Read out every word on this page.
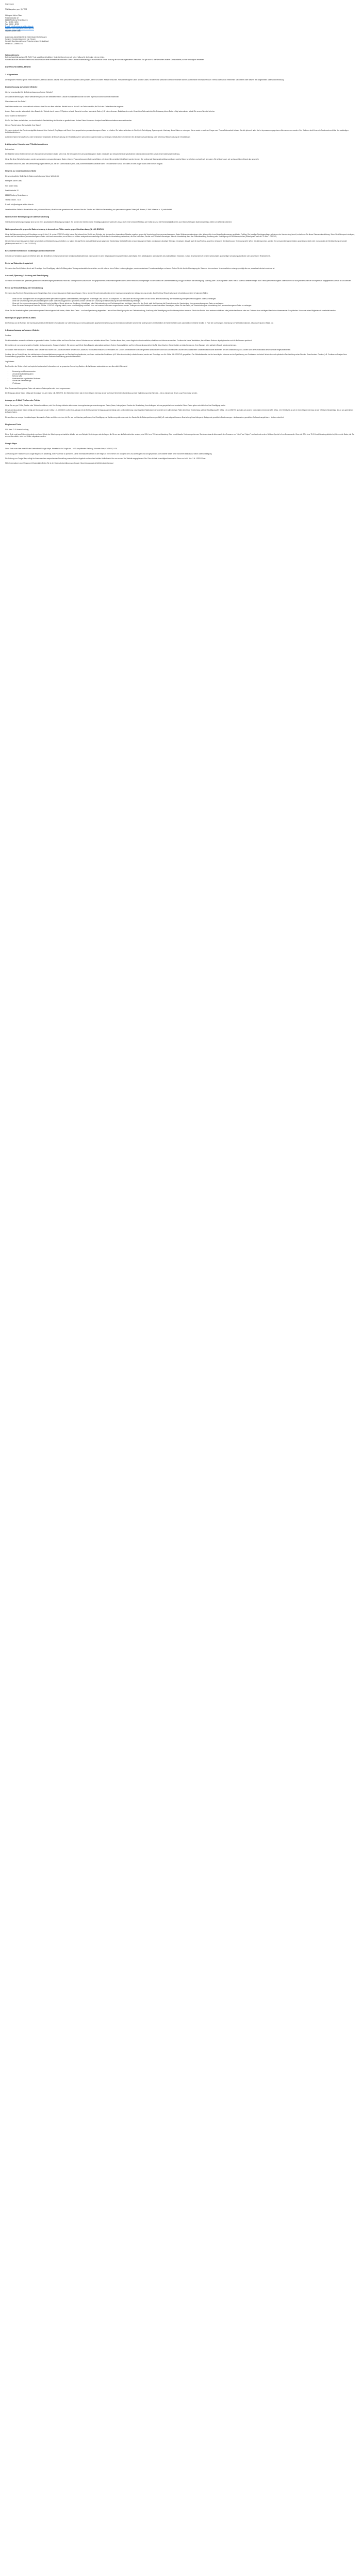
Impressum

Pflichtangaben gem. §5, TMG

Metzgerei Achim Oltas

Friedrichstraße 32

82643 Riedberg Rendsfraunen

Tel.: 08150 - 5210

Fax: 08150 - 52 30

E-Mail: info@metzgerei-achim-oltas.de

Internet: www.metzgerei-achim-oltas.de

Inhaber: Achim Oltas

Zuständige Aufsichtsbehörde: Veterinäramt Geltinhausen

Kammer: Handwerkskammer von Hessen

Gesetzl. Berufsbezeichnung: Fleischermeister, Deutschland

Steuer-Nr.: 2208963771

Haftungshinweis:

Datenschutzerklärung/gem.§5, TMG: Trotz sorgfältiger inhaltlicher Kontrolle übernehmen wir keine Haftung für die Inhalte externer Links.

Für den Inhalt der verlinkten Seiten sind ausschließlich deren Betreiber verantwortlich. Diese Datenschutzerklärung gilt ausschließlich für die Nutzung der von uns angebotenen Webseiten. Sie gilt nicht für die Webseiten anderer Dienstanbieter, auf die wir lediglich verweisen.

DATENSCHUTZERKLÄRUNG
1. Allgemeines

Die folgenden Hinweise geben einen einfachen Überblick darüber, was mit Ihren personenbezogenen Daten passiert, wenn Sie unsere Website besuchen. Personenbezogene Daten sind alle Daten, mit denen Sie persönlich identifiziert werden können. Ausführliche Informationen zum Thema Datenschutz entnehmen Sie unserer unter diesem Text aufgeführten Datenschutzerklärung.

Datenerfassung auf unserer Website

Wer ist verantwortlich für die Datenerfassung auf dieser Website?

Die Datenverarbeitung auf dieser Website erfolgt durch den Websitebetreiber. Dessen Kontaktdaten können Sie dem Impressum dieser Website entnehmen.

Wie erfassen wir Ihre Daten?

Ihre Daten werden zum einen dadurch erhoben, dass Sie uns diese mitteilen. Hierbei kann es sich z.B. um Daten handeln, die Sie in ein Kontaktformular eingeben.

Andere Daten werden automatisch beim Besuch der Website durch unsere IT-Systeme erfasst. Das sind vor allem technische Daten (z.B. Internetbrowser, Betriebssystem oder Uhrzeit des Seitenaufrufs). Die Erfassung dieser Daten erfolgt automatisch, sobald Sie unsere Website betreten.

Wofür nutzen wir Ihre Daten?

Ein Teil der Daten wird erhoben, um eine fehlerfreie Bereitstellung der Website zu gewährleisten. Andere Daten können zur Analyse Ihres Nutzerverhaltens verwendet werden.

Welche Rechte haben Sie bezüglich Ihrer Daten?

Sie haben jederzeit das Recht unentgeltlich Auskunft über Herkunft, Empfänger und Zweck Ihrer gespeicherten personenbezogenen Daten zu erhalten. Sie haben außerdem ein Recht, die Berichtigung, Sperrung oder Löschung dieser Daten zu verlangen. Hierzu sowie zu weiteren Fragen zum Thema Datenschutz können Sie sich jederzeit unter der im Impressum angegebenen Adresse an uns wenden. Des Weiteren steht Ihnen ein Beschwerderecht bei der zuständigen Aufsichtsbehörde zu.

Außerdem haben Sie das Recht, unter bestimmten Umständen die Einschränkung der Verarbeitung Ihrer personenbezogenen Daten zu verlangen. Details hierzu entnehmen Sie der Datenschutzerklärung unter „Recht auf Einschränkung der Verarbeitung“.

2. Allgemeine Hinweise und Pflichtinformationen

Datenschutz

Die Betreiber dieser Seiten nehmen den Schutz Ihrer persönlichen Daten sehr ernst. Wir behandeln Ihre personenbezogenen Daten vertraulich und entsprechend der gesetzlichen Datenschutzvorschriften sowie dieser Datenschutzerklärung.

Wenn Sie diese Website benutzen, werden verschiedene personenbezogene Daten erhoben. Personenbezogene Daten sind Daten, mit denen Sie persönlich identifiziert werden können. Die vorliegende Datenschutzerklärung erläutert, welche Daten wir erheben und wofür wir sie nutzen. Sie erläutert auch, wie und zu welchem Zweck das geschieht.

Wir weisen darauf hin, dass die Datenübertragung im Internet (z.B. bei der Kommunikation per E-Mail) Sicherheitslücken aufweisen kann. Ein lückenloser Schutz der Daten vor dem Zugriff durch Dritte ist nicht möglich.

Hinweis zur verantwortlichen Stelle

Die verantwortliche Stelle für die Datenverarbeitung auf dieser Website ist:

Metzgerei Achim Oltas

Herr Achim Oltas

Friedrichstraße 32

82643 Riedberg Rendsfraunen

Telefon: 08150 - 5210

E-Mail: info@metzgerei-achim-oltas.de

Verantwortliche Stelle ist die natürliche oder juristische Person, die allein oder gemeinsam mit anderen über die Zwecke und Mittel der Verarbeitung von personenbezogenen Daten (z.B. Namen, E-Mail-Adressen o. Ä.) entscheidet.

Widerruf Ihrer Einwilligung zur Datenverarbeitung

Viele Datenverarbeitungsvorgänge sind nur mit Ihrer ausdrücklichen Einwilligung möglich. Sie können eine bereits erteilte Einwilligung jederzeit widerrufen. Dazu reicht eine formlose Mitteilung per E-Mail an uns. Die Rechtmäßigkeit der bis zum Widerruf erfolgten Datenverarbeitung bleibt vom Widerruf unberührt.

Widerspruchsrecht gegen die Datenerhebung in besonderen Fällen sowie gegen Direktwerbung (Art. 21 DSGVO)

Wenn die Datenverarbeitung auf Grundlage von Art. 6 Abs. 1 lit. e oder f DSGVO erfolgt, haben Sie jederzeit das Recht, aus Gründen, die sich aus Ihrer besonderen Situation ergeben, gegen die Verarbeitung Ihrer personenbezogenen Daten Widerspruch einzulegen; dies gilt auch für ein auf diese Bestimmungen gestütztes Profiling. Die jeweilige Rechtsgrundlage, auf denen eine Verarbeitung beruht, entnehmen Sie dieser Datenschutzerklärung. Wenn Sie Widerspruch einlegen, werden wir Ihre betroffenen personenbezogenen Daten nicht mehr verarbeiten, es sei denn, wir können zwingende schutzwürdige Gründe für die Verarbeitung nachweisen, die Ihre Interessen, Rechte und Freiheiten überwiegen oder die Verarbeitung dient der Geltendmachung, Ausübung oder Verteidigung von Rechtsansprüchen (Widerspruch nach Art. 21 Abs. 1 DSGVO).

Werden Ihre personenbezogenen Daten verarbeitet, um Direktwerbung zu betreiben, so haben Sie das Recht, jederzeit Widerspruch gegen die Verarbeitung Sie betreffender personenbezogener Daten zum Zwecke derartiger Werbung einzulegen; dies gilt auch für das Profiling, soweit es mit solcher Direktwerbung in Verbindung steht. Wenn Sie widersprechen, werden Ihre personenbezogenen Daten anschließend nicht mehr zum Zwecke der Direktwerbung verwendet (Widerspruch nach Art. 21 Abs. 2 DSGVO).

Beschwerderecht bei der zuständigen Aufsichtsbehörde

Im Falle von Verstößen gegen die DSGVO steht den Betroffenen ein Beschwerderecht bei einer Aufsichtsbehörde, insbesondere in dem Mitgliedstaat ihres gewöhnlichen Aufenthalts, ihres Arbeitsplatzes oder des Orts des mutmaßlichen Verstoßes zu. Das Beschwerderecht besteht unbeschadet anderweitiger verwaltungsrechtlicher oder gerichtlicher Rechtsbehelfe.

Recht auf Datenübertragbarkeit

Sie haben das Recht, Daten, die wir auf Grundlage Ihrer Einwilligung oder in Erfüllung eines Vertrags automatisiert verarbeiten, an sich oder an einen Dritten in einem gängigen, maschinenlesbaren Format aushändigen zu lassen. Sofern Sie die direkte Übertragung der Daten an einen anderen Verantwortlichen verlangen, erfolgt dies nur, soweit es technisch machbar ist.

Auskunft, Sperrung, Löschung und Berichtigung

Sie haben im Rahmen der geltenden gesetzlichen Bestimmungen jederzeit das Recht auf unentgeltliche Auskunft über Ihre gespeicherten personenbezogenen Daten, deren Herkunft und Empfänger und den Zweck der Datenverarbeitung und ggf. ein Recht auf Berichtigung, Sperrung oder Löschung dieser Daten. Hierzu sowie zu weiteren Fragen zum Thema personenbezogene Daten können Sie sich jederzeit unter der im Impressum angegebenen Adresse an uns wenden.

Recht auf Einschränkung der Verarbeitung

Sie haben das Recht, die Einschränkung der Verarbeitung Ihrer personenbezogenen Daten zu verlangen. Hierzu können Sie sich jederzeit unter der im Impressum angegebenen Adresse an uns wenden. Das Recht auf Einschränkung der Verarbeitung besteht in folgenden Fällen:

• Wenn Sie die Richtigkeit Ihrer bei uns gespeicherten personenbezogenen Daten bestreiten, benötigen wir in der Regel Zeit, um dies zu überprüfen. Für die Dauer der Prüfung haben Sie das Recht, die Einschränkung der Verarbeitung Ihrer personenbezogenen Daten zu verlangen.
• Wenn die Verarbeitung Ihrer personenbezogenen Daten unrechtmäßig geschah / geschieht, können Sie statt der Löschung die Einschränkung der Datenverarbeitung verlangen.
• Wenn wir Ihre personenbezogenen Daten nicht mehr benötigen, Sie sie jedoch zur Ausübung, Verteidigung oder Geltendmachung von Rechtsansprüchen benötigen, haben Sie das Recht, statt der Löschung die Einschränkung der Verarbeitung Ihrer personenbezogenen Daten zu verlangen.
• Wenn Sie einen Widerspruch nach Art. 21 Abs. 1 DSGVO eingelegt haben, muss eine Abwägung zwischen Ihren und unseren Interessen vorgenommen werden. Solange noch nicht feststeht, wessen Interessen überwiegen, haben Sie das Recht, die Einschränkung der Verarbeitung Ihrer personenbezogenen Daten zu verlangen.

Wenn Sie die Verarbeitung Ihrer personenbezogenen Daten eingeschränkt haben, dürfen diese Daten – von ihrer Speicherung abgesehen – nur mit Ihrer Einwilligung oder zur Geltendmachung, Ausübung oder Verteidigung von Rechtsansprüchen oder zum Schutz der Rechte einer anderen natürlichen oder juristischen Person oder aus Gründen eines wichtigen öffentlichen Interesses der Europäischen Union oder eines Mitgliedstaats verarbeitet werden.

Widerspruch gegen Werbe-E-Mails

Der Nutzung von im Rahmen der Impressumspflicht veröffentlichten Kontaktdaten zur Übersendung von nicht ausdrücklich angeforderter Werbung und Informationsmaterialien wird hiermit widersprochen. Die Betreiber der Seiten behalten sich ausdrücklich rechtliche Schritte im Falle der unverlangten Zusendung von Werbeinformationen, etwa durch Spam-E-Mails, vor.

3. Datenerfassung auf unserer Website

Cookies

Die Internetseiten verwenden teilweise so genannte Cookies. Cookies richten auf Ihrem Rechner keinen Schaden an und enthalten keine Viren. Cookies dienen dazu, unser Angebot nutzerfreundlicher, effektiver und sicherer zu machen. Cookies sind kleine Textdateien, die auf Ihrem Rechner abgelegt werden und die Ihr Browser speichert.

Die meisten der von uns verwendeten Cookies sind so genannte „Session-Cookies“. Sie werden nach Ende Ihres Besuchs automatisch gelöscht. Andere Cookies bleiben auf Ihrem Endgerät gespeichert bis Sie diese löschen. Diese Cookies ermöglichen es uns, Ihren Browser beim nächsten Besuch wiederzuerkennen.

Sie können Ihren Browser so einstellen, dass Sie über das Setzen von Cookies informiert werden und Cookies nur im Einzelfall erlauben, die Annahme von Cookies für bestimmte Fälle oder generell ausschließen sowie das automatische Löschen der Cookies beim Schließen des Browser aktivieren. Bei der Deaktivierung von Cookies kann die Funktionalität dieser Website eingeschränkt sein.

Cookies, die zur Durchführung des elektronischen Kommunikationsvorgangs oder zur Bereitstellung bestimmter, von Ihnen erwünschter Funktionen (z.B. Warenkorbfunktion) erforderlich sind, werden auf Grundlage von Art. 6 Abs. 1 lit. f DSGVO gespeichert. Der Websitebetreiber hat ein berechtigtes Interesse an der Speicherung von Cookies zur technisch fehlerfreien und optimierten Bereitstellung seiner Dienste. Soweit andere Cookies (z.B. Cookies zur Analyse Ihres Surfverhaltens) gespeichert werden, werden diese in dieser Datenschutzerklärung gesondert behandelt.

Log-Dateien

Der Provider der Seiten erhebt und speichert automatisch Informationen in so genannten Server-Log-Dateien, die Ihr Browser automatisch an uns übermittelt. Dies sind:

• Browsertyp und Browserversion
• verwendetes Betriebssystem
• Referrer URL
• Hostname des zugreifenden Rechners
• Uhrzeit der Serveranfrage
• IP-Adresse

Eine Zusammenführung dieser Daten mit anderen Datenquellen wird nicht vorgenommen.

Die Erfassung dieser Daten erfolgt auf Grundlage von Art. 6 Abs. 1 lit. f DSGVO. Der Websitebetreiber hat ein berechtigtes Interesse an der technisch fehlerfreien Darstellung und der Optimierung seiner Website – hierzu müssen die Server-Log-Files erfasst werden.

Anfrage per E-Mail, Telefon oder Telefax

Wenn Sie uns per E-Mail, Telefon oder Telefax kontaktieren, wird Ihre Anfrage inklusive aller daraus hervorgehenden personenbezogenen Daten (Name, Anfrage) zum Zwecke der Bearbeitung Ihres Anliegens bei uns gespeichert und verarbeitet. Diese Daten geben wir nicht ohne Ihre Einwilligung weiter.

Die Verarbeitung dieser Daten erfolgt auf Grundlage von Art. 6 Abs. 1 lit. b DSGVO, sofern Ihre Anfrage mit der Erfüllung eines Vertrags zusammenhängt oder zur Durchführung vorvertraglicher Maßnahmen erforderlich ist. In allen übrigen Fällen beruht die Verarbeitung auf Ihrer Einwilligung (Art. 6 Abs. 1 lit. a DSGVO) und/oder auf unseren berechtigten Interessen (Art. 6 Abs. 1 lit. f DSGVO), da wir ein berechtigtes Interesse an der effektiven Bearbeitung der an uns gerichteten Anfragen haben.

Die von Ihnen an uns per Kontaktanfragen übersandten Daten verbleiben bei uns, bis Sie uns zur Löschung auffordern, Ihre Einwilligung zur Speicherung widerrufen oder der Zweck für die Datenspeicherung entfällt (z.B. nach abgeschlossener Bearbeitung Ihres Anliegens). Zwingende gesetzliche Bestimmungen – insbesondere gesetzliche Aufbewahrungsfristen – bleiben unberührt.

Plugins und Tools

SSL- bzw. TLS-Verschlüsselung

Diese Seite nutzt aus Sicherheitsgründen und zum Schutz der Übertragung vertraulicher Inhalte, wie zum Beispiel Bestellungen oder Anfragen, die Sie an uns als Seitenbetreiber senden, eine SSL- bzw. TLS-Verschlüsselung. Eine verschlüsselte Verbindung erkennen Sie daran, dass die Adresszeile des Browsers von “http://” auf “https://” wechselt und an dem Schloss-Symbol in Ihrer Browserzeile. Wenn die SSL- bzw. TLS-Verschlüsselung aktiviert ist, können die Daten, die Sie an uns übermitteln, nicht von Dritten mitgelesen werden.

Google Maps

Diese Seite nutzt über eine API den Kartendienst Google Maps. Anbieter ist die Google Inc., 1600 Amphitheatre Parkway, Mountain View, CA 94043, USA.

Zur Nutzung der Funktionen von Google Maps ist es notwendig, Ihre IP Adresse zu speichern. Diese Informationen werden in der Regel an einen Server von Google in den USA übertragen und dort gespeichert. Der Anbieter dieser Seite hat keinen Einfluss auf diese Datenübertragung.

Die Nutzung von Google Maps erfolgt im Interesse einer ansprechenden Darstellung unserer Online-Angebote und an einer leichten Auffindbarkeit der von uns auf der Website angegebenen Orte. Dies stellt ein berechtigtes Interesse im Sinne von Art. 6 Abs. 1 lit. f DSGVO dar.

Mehr Informationen zum Umgang mit Nutzerdaten finden Sie in der Datenschutzerklärung von Google: https://www.google.de/intl/de/policies/privacy/.
